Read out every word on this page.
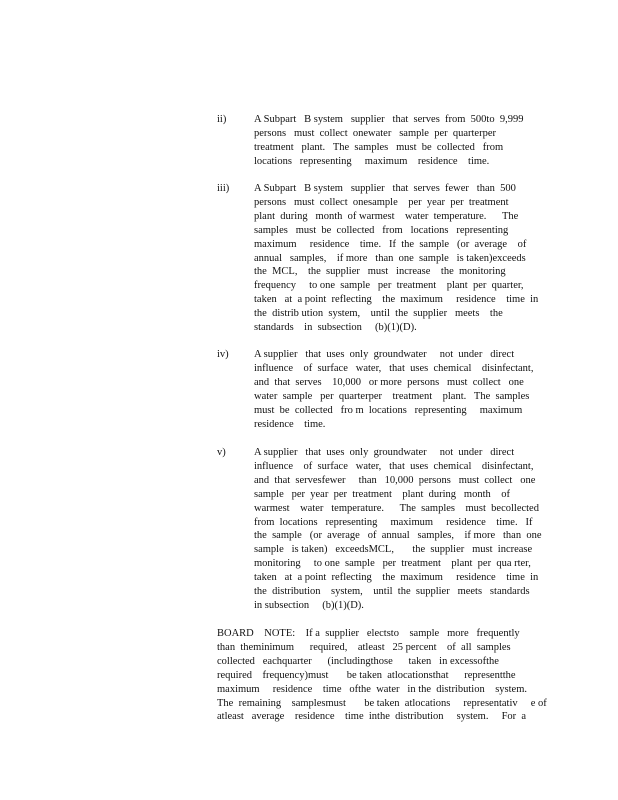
ii)	A Subpart   B system   supplier   that  serves  from  500to  9,999
persons   must  collect  onewater   sample  per  quarterper
treatment   plant.   The  samples   must  be  collected   from
locations   representing     maximum    residence    time.
iii) A Subpart   B system   supplier   that  serves  fewer   than  500
persons   must  collect  onesample    per  year  per  treatment
plant  during   month  of warmest    water  temperature.      The
samples   must  be  collected   from   locations   representing
maximum     residence    time.   If  the  sample   (or  average    of
annual   samples,    if more   than  one  sample   is taken)exceeds
the  MCL,    the  supplier   must   increase    the  monitoring
frequency     to one  sample   per  treatment    plant  per  quarter,
taken   at  a point  reflecting    the  maximum     residence    time  in
the  distrib ution  system,    until  the  supplier   meets    the
standards    in  subsection     (b)(1)(D).
iv) A supplier   that  uses  only  groundwater     not  under   direct
influence    of  surface   water,   that  uses  chemical    disinfectant,
and  that  serves    10,000   or more  persons   must  collect   one
water  sample   per  quarterper    treatment    plant.   The  samples
must  be  collected   fro m  locations   representing     maximum
residence    time.
v)	A supplier   that  uses  only  groundwater     not  under   direct
influence    of  surface   water,   that  uses  chemical    disinfectant,
and  that  servesfewer     than   10,000  persons   must  collect   one
sample   per  year  per  treatment    plant  during   month    of
warmest    water   temperature.      The  samples    must  becollected
from  locations   representing     maximum     residence    time.   If
the  sample   (or  average   of  annual   samples,    if more   than  one
sample   is taken)   exceedsMCL,       the  supplier   must  increase
monitoring     to one  sample   per  treatment    plant  per  qua rter,
taken   at  a point  reflecting    the  maximum     residence    time  in
the  distribution    system,    until  the  supplier   meets   standards
in subsection     (b)(1)(D).
BOARD    NOTE:    If a  supplier   electsto    sample   more   frequently
than  theminimum      required,    atleast   25 percent    of  all  samples
collected   eachquarter      (includingthose      taken   in excessofthe
required    frequency)must       be taken  atlocationsthat      representthe
maximum     residence    time   ofthe  water   in the  distribution    system.
The  remaining    samplesmust       be taken  atlocations     representativ     e of
atleast   average    residence    time  inthe  distribution     system.     For  a
